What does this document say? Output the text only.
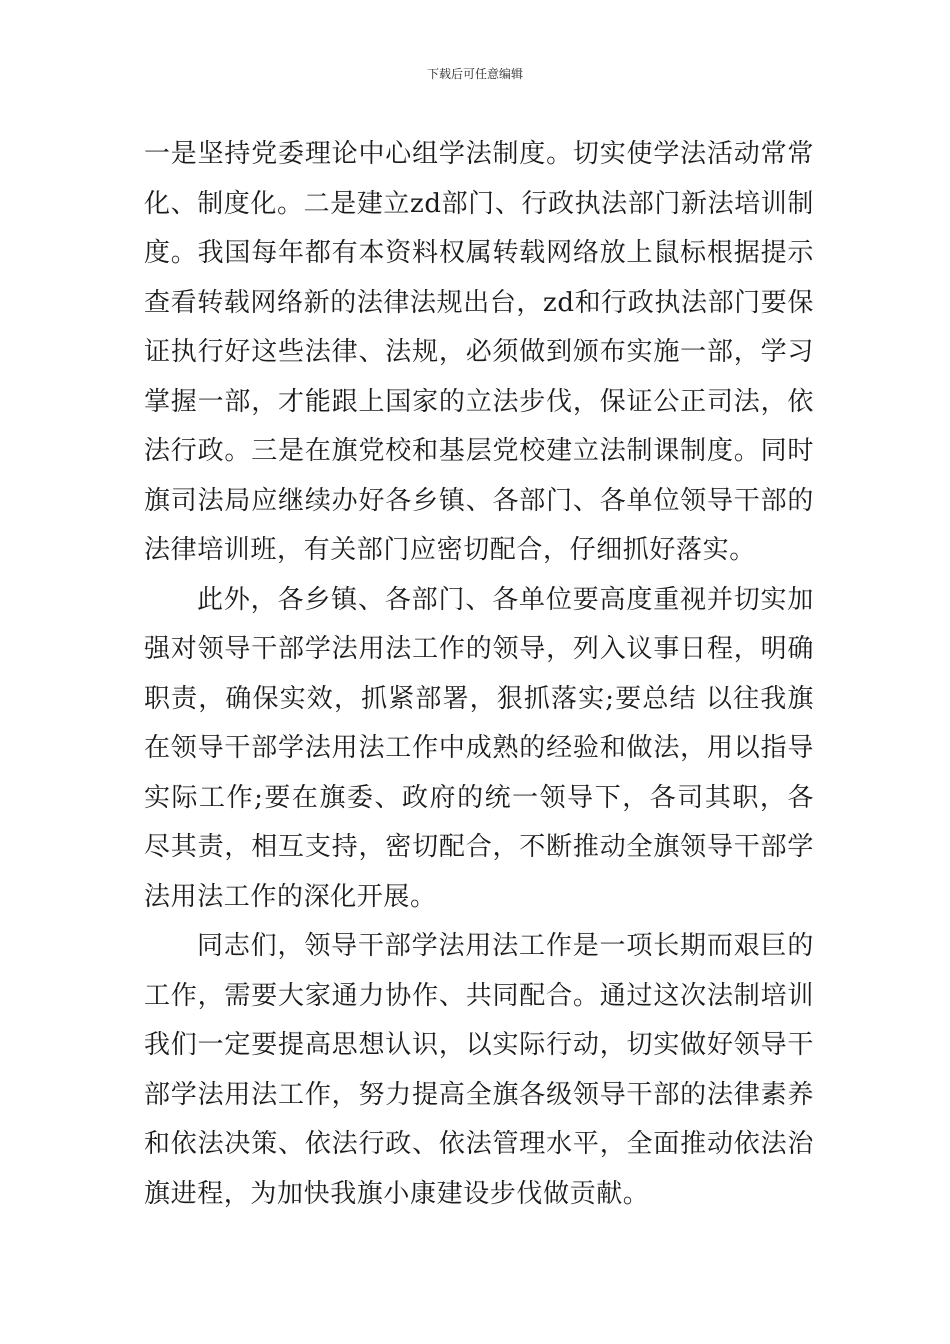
下载后可任意编辑

一是坚持党委理论中心组学法制度。切实使学法活动常常化、制度化。二是建立zd部门、行政执法部门新法培训制度。我国每年都有本资料权属转载网络放上鼠标根据提示查看转载网络新的法律法规出台，zd和行政执法部门要保证执行好这些法律、法规，必须做到颁布实施一部，学习掌握一部，才能跟上国家的立法步伐，保证公正司法，依法行政。三是在旗党校和基层党校建立法制课制度。同时旗司法局应继续办好各乡镇、各部门、各单位领导干部的法律培训班，有关部门应密切配合，仔细抓好落实。

此外，各乡镇、各部门、各单位要高度重视并切实加强对领导干部学法用法工作的领导，列入议事日程，明确职责，确保实效，抓紧部署，狠抓落实;要总结 以往我旗在领导干部学法用法工作中成熟的经验和做法，用以指导实际工作;要在旗委、政府的统一领导下，各司其职，各尽其责，相互支持，密切配合，不断推动全旗领导干部学法用法工作的深化开展。

同志们，领导干部学法用法工作是一项长期而艰巨的工作，需要大家通力协作、共同配合。通过这次法制培训我们一定要提高思想认识，以实际行动，切实做好领导干部学法用法工作，努力提高全旗各级领导干部的法律素养和依法决策、依法行政、依法管理水平，全面推动依法治旗进程，为加快我旗小康建设步伐做贡献。
